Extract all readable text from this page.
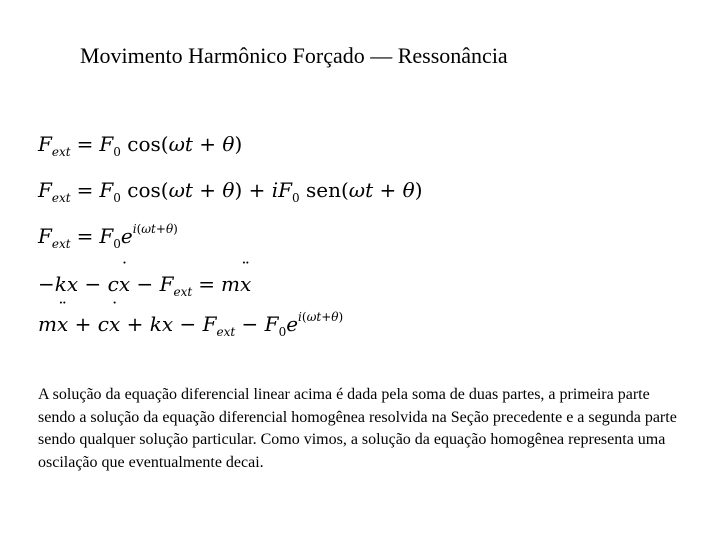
Movimento Harmônico Forçado — Ressonância
$F_{ext} = F_0$ cos(ωt + θ)
$F_{ext} = F_0$ $\cos(\omega t + \theta) + iF_0$ sen(ωt + θ)
$F_{ext} = F_0e^{i(\omega t+\theta)}$
−kx − cx ˙ − $F_{ext}$ = mx ¨
mx ¨ + cx ˙ + kx − $F_{ext} - F_0e^{i(\omega t+\theta)}$
A solução da equação diferencial linear acima é dada pela soma de duas partes, a primeira parte sendo a solução da equação diferencial homogênea resolvida na Seção precedente e a segunda parte sendo qualquer solução particular. Como vimos, a solução da equação homogênea representa uma oscilação que eventualmente decai.
